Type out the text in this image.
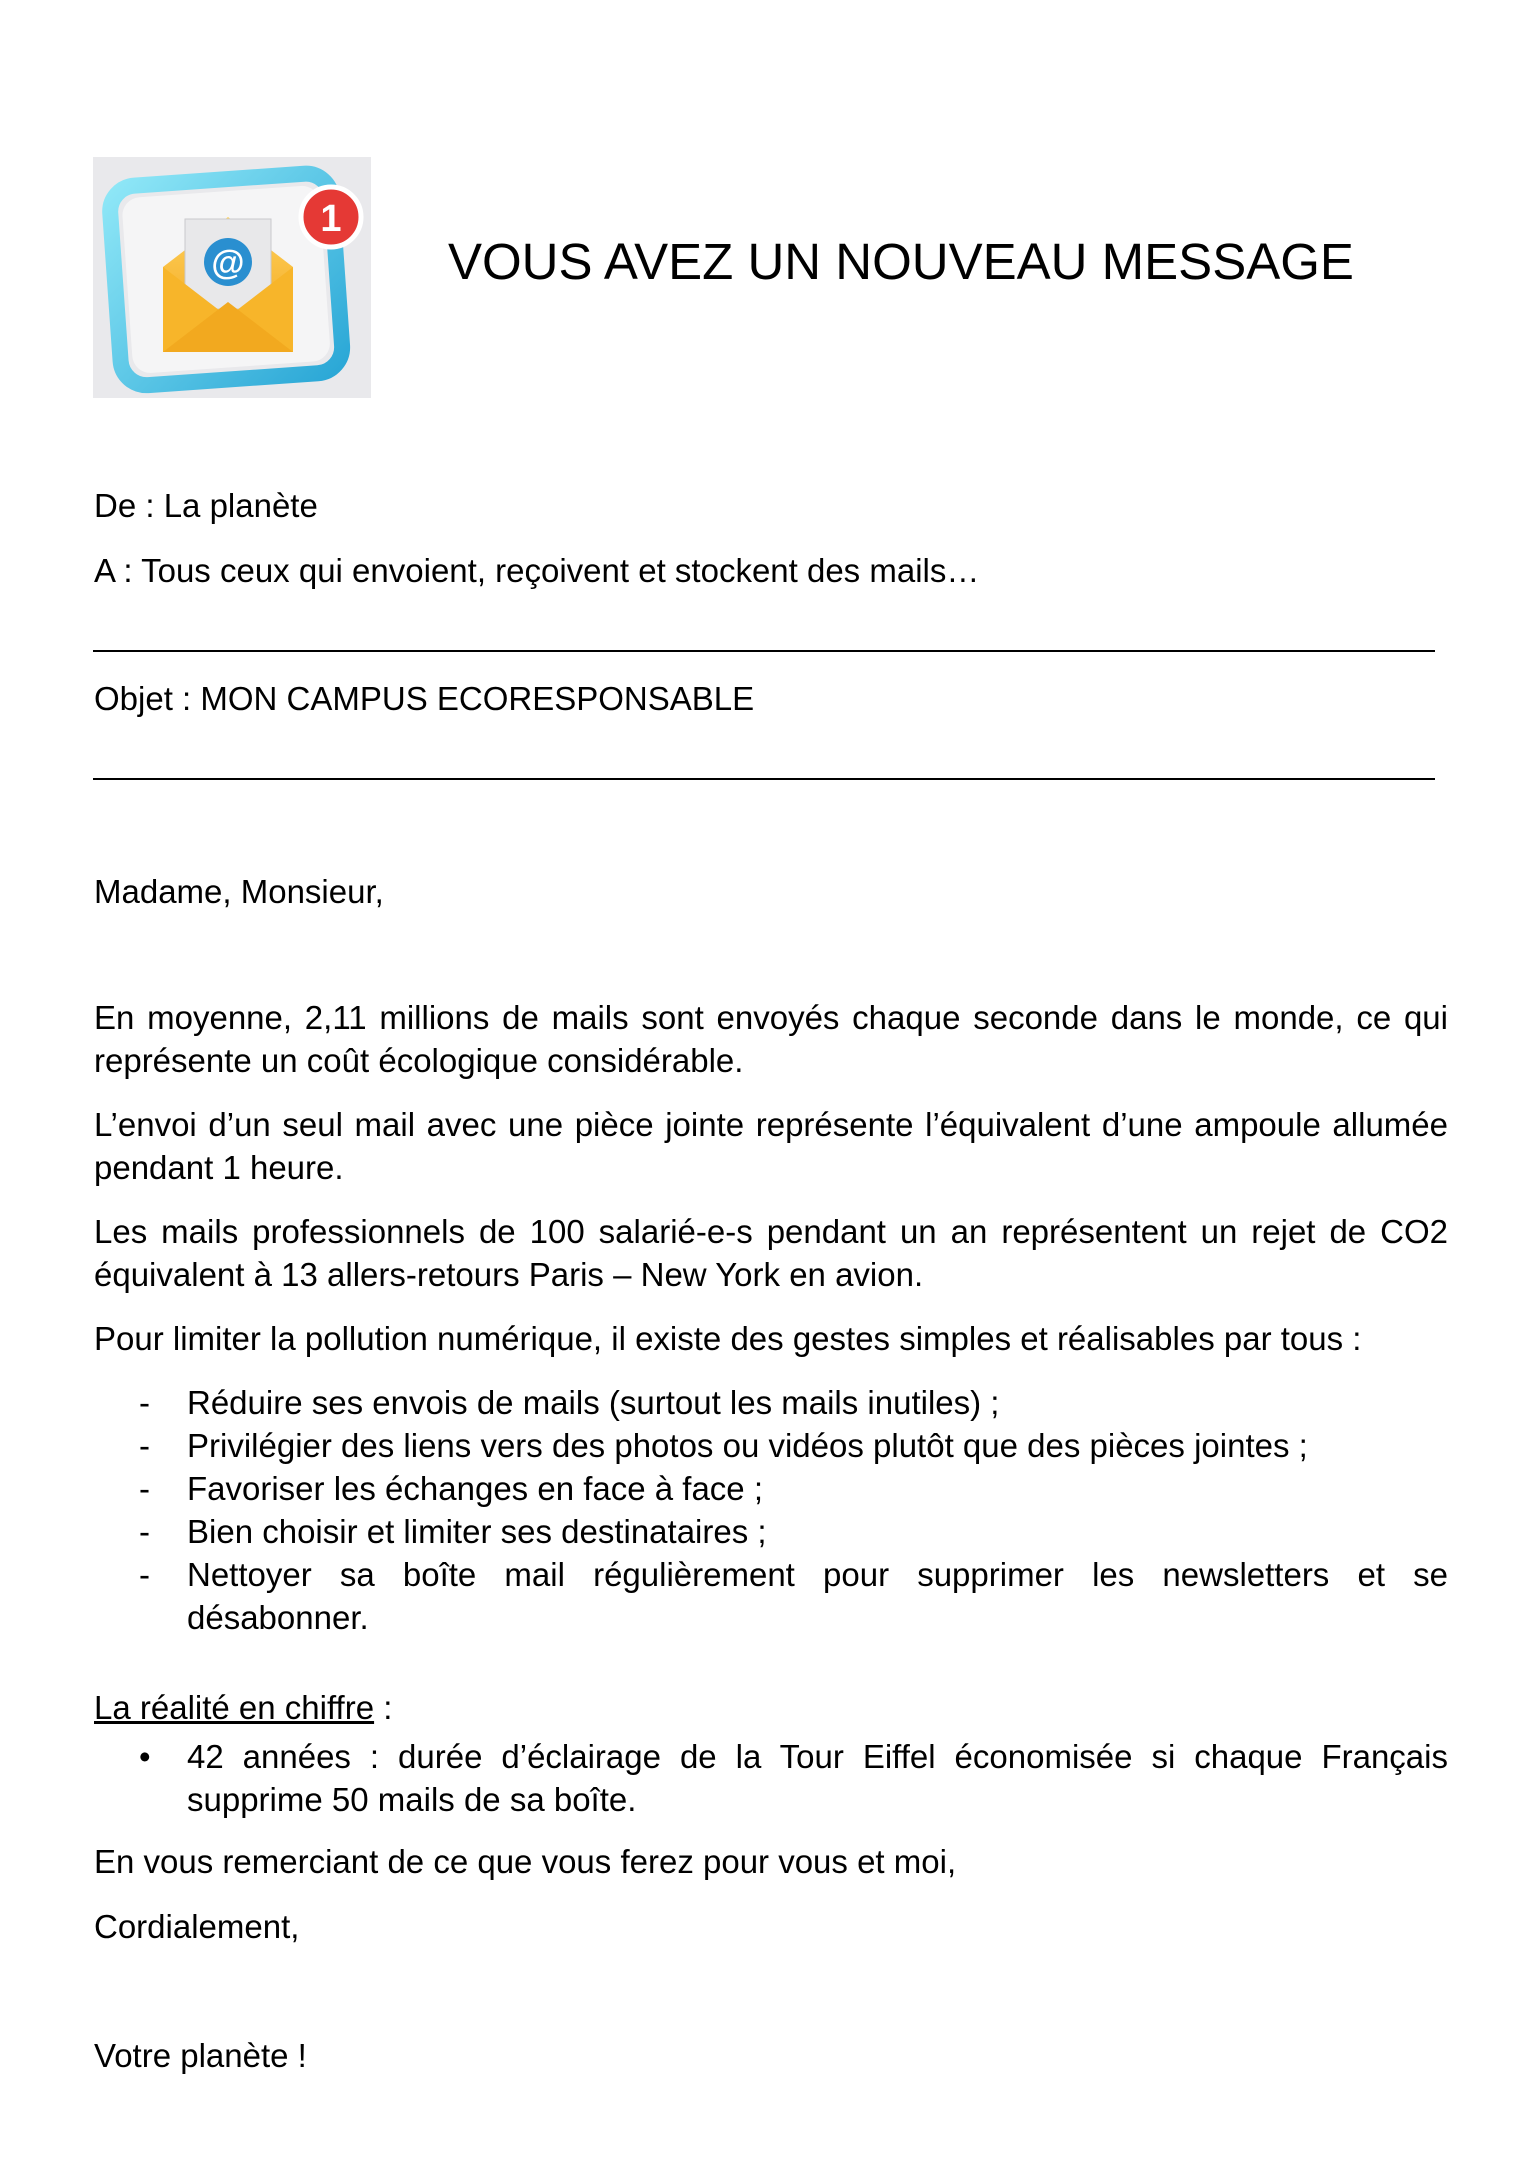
@
1
VOUS AVEZ UN NOUVEAU MESSAGE
De : La planète
A : Tous ceux qui envoient, reçoivent et stockent des mails…
Objet : MON CAMPUS ECORESPONSABLE
Madame, Monsieur,
En moyenne, 2,11 millions de mails sont envoyés chaque seconde dans le monde, ce qui représente un coût écologique considérable.
L’envoi d’un seul mail avec une pièce jointe représente l’équivalent d’une ampoule allumée pendant 1 heure.
Les mails professionnels de 100 salarié-e-s pendant un an représentent un rejet de CO2 équivalent à 13 allers-retours Paris – New York en avion.
Pour limiter la pollution numérique, il existe des gestes simples et réalisables par tous :
- Réduire ses envois de mails (surtout les mails inutiles) ;
- Privilégier des liens vers des photos ou vidéos plutôt que des pièces jointes ;
- Favoriser les échanges en face à face ;
- Bien choisir et limiter ses destinataires ;
- Nettoyer sa boîte mail régulièrement pour supprimer les newsletters et se désabonner.
La réalité en chiffre :
• 42 années : durée d’éclairage de la Tour Eiffel économisée si chaque Français supprime 50 mails de sa boîte.
En vous remerciant de ce que vous ferez pour vous et moi,
Cordialement,
Votre planète !
